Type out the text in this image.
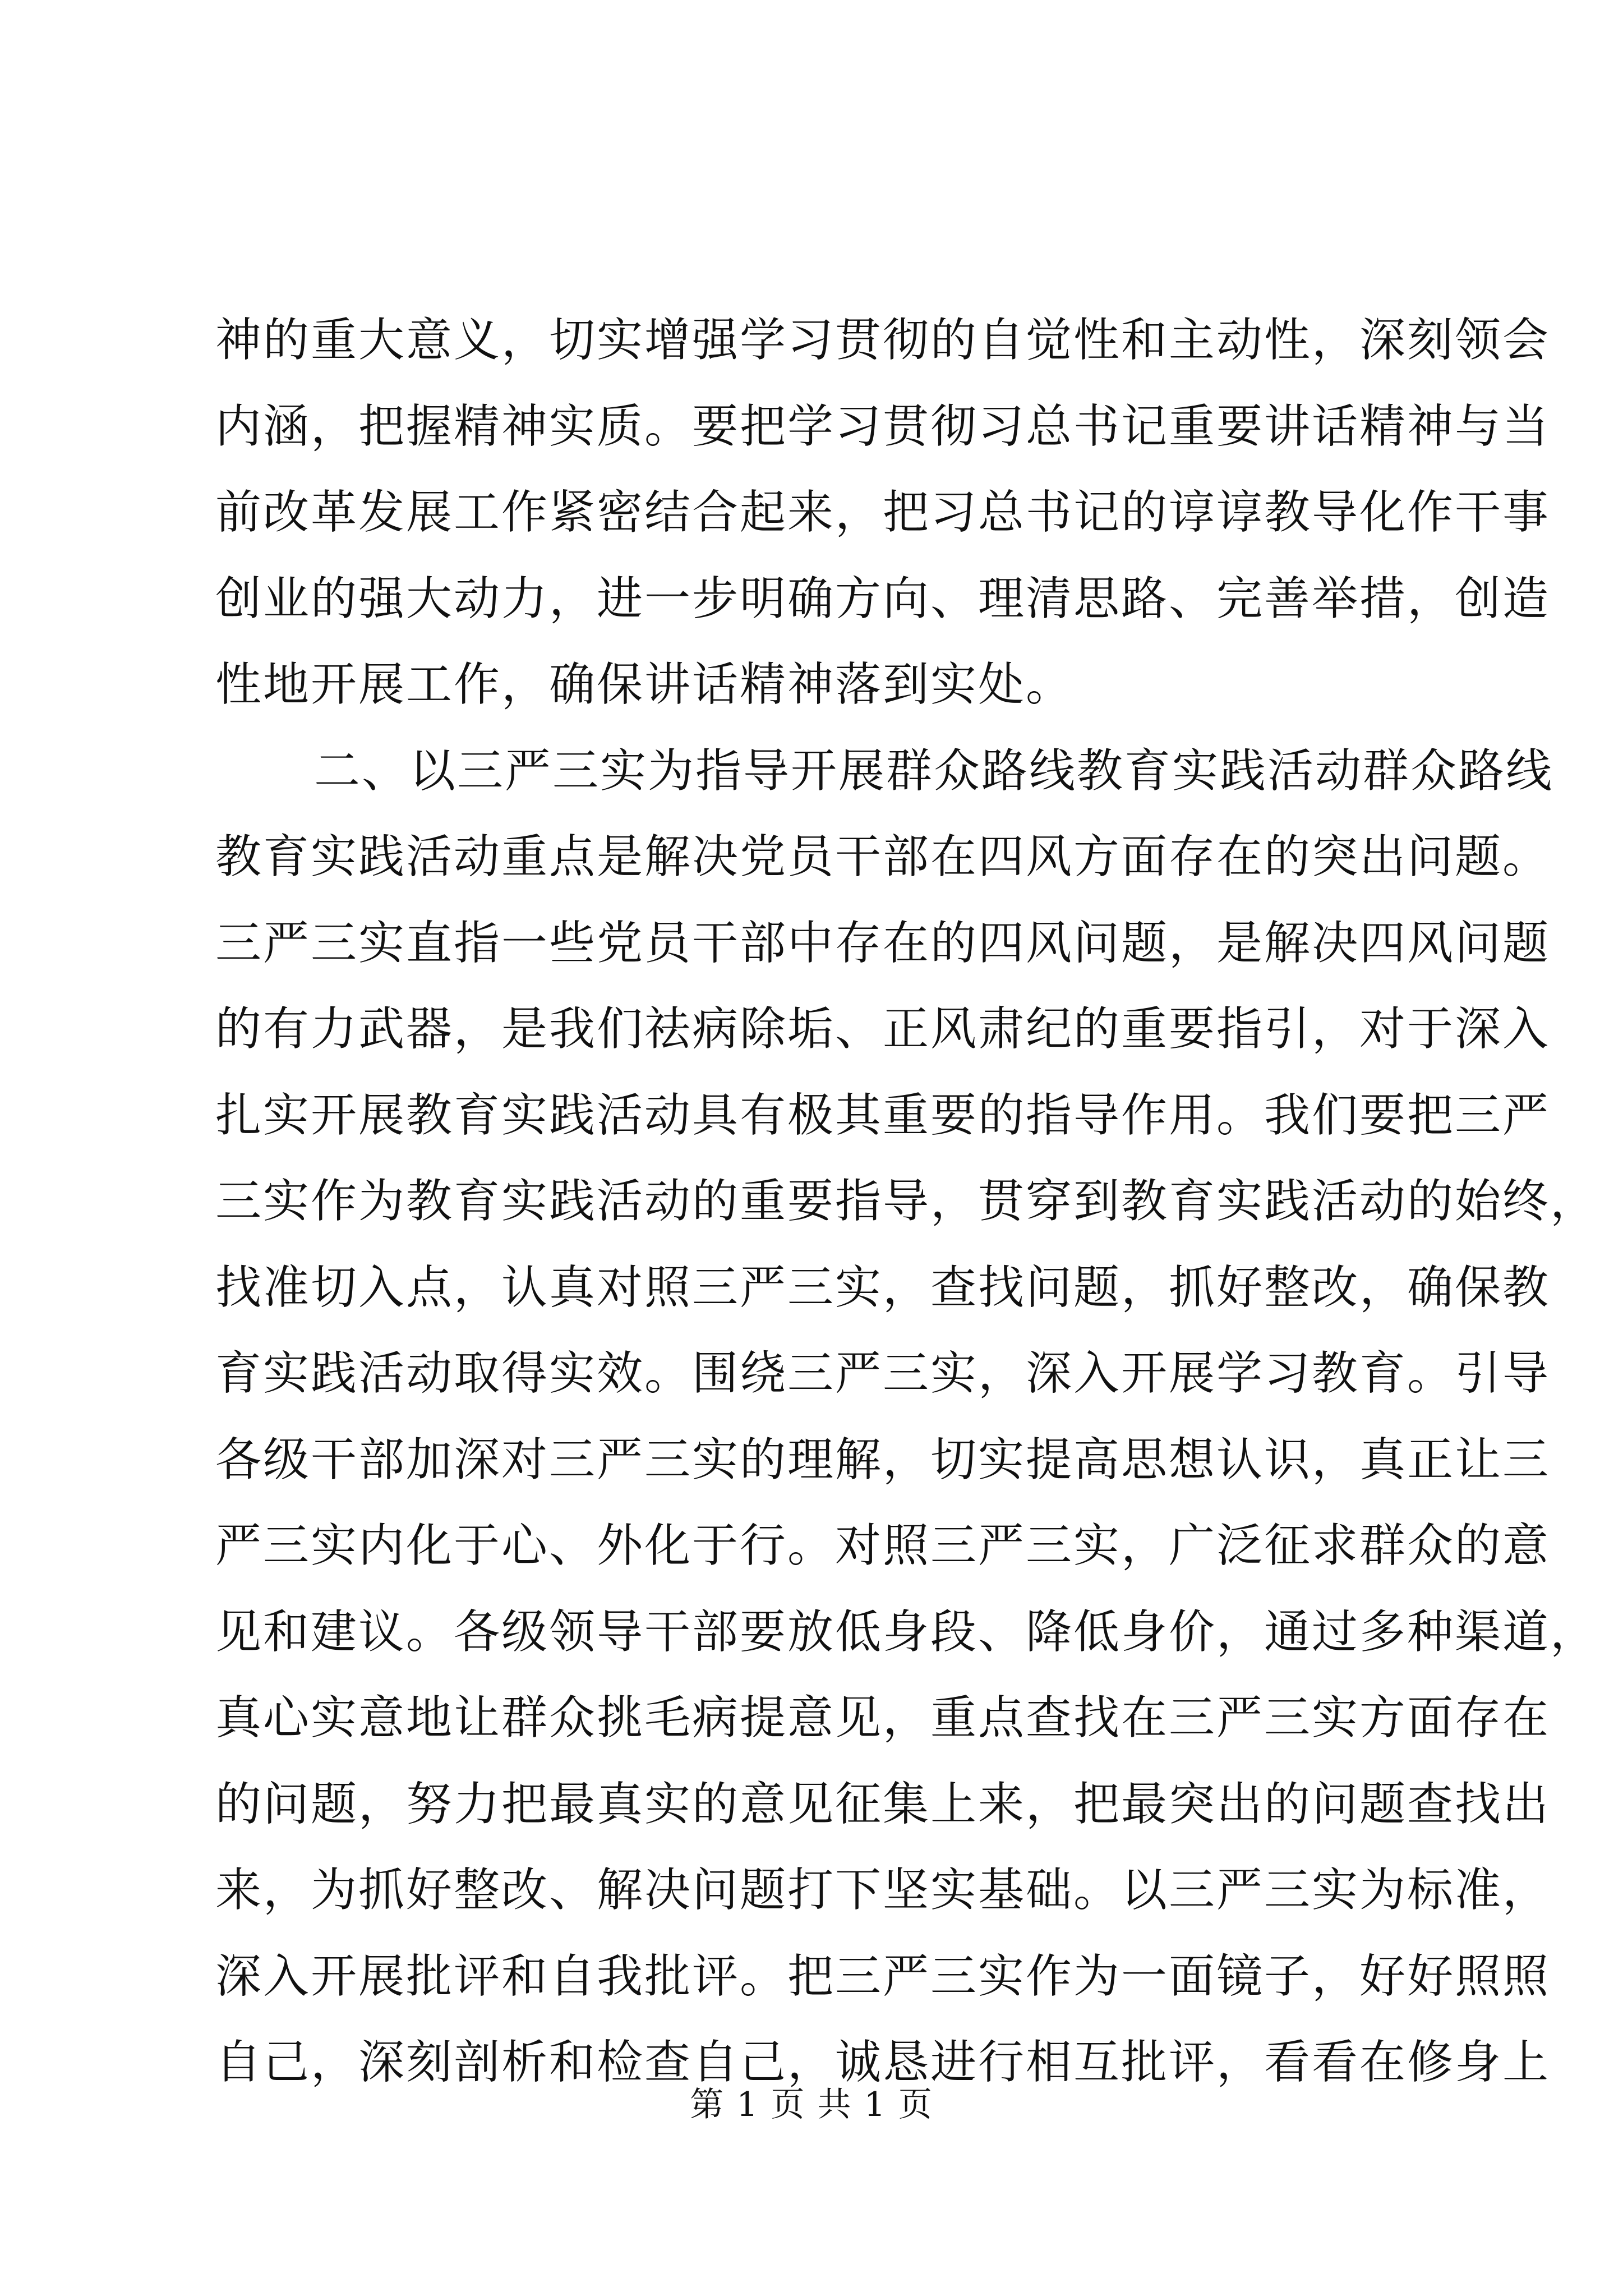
神的重大意义，切实增强学习贯彻的自觉性和主动性，深刻领会
内涵，把握精神实质。要把学习贯彻习总书记重要讲话精神与当
前改革发展工作紧密结合起来，把习总书记的谆谆教导化作干事
创业的强大动力，进一步明确方向、理清思路、完善举措，创造
性地开展工作，确保讲话精神落到实处。
二、以三严三实为指导开展群众路线教育实践活动群众路线
教育实践活动重点是解决党员干部在四风方面存在的突出问题。
三严三实直指一些党员干部中存在的四风问题，是解决四风问题
的有力武器，是我们祛病除垢、正风肃纪的重要指引，对于深入
扎实开展教育实践活动具有极其重要的指导作用。我们要把三严
三实作为教育实践活动的重要指导，贯穿到教育实践活动的始终，
找准切入点，认真对照三严三实，查找问题，抓好整改，确保教
育实践活动取得实效。围绕三严三实，深入开展学习教育。引导
各级干部加深对三严三实的理解，切实提高思想认识，真正让三
严三实内化于心、外化于行。对照三严三实，广泛征求群众的意
见和建议。各级领导干部要放低身段、降低身价，通过多种渠道，
真心实意地让群众挑毛病提意见，重点查找在三严三实方面存在
的问题，努力把最真实的意见征集上来，把最突出的问题查找出
来，为抓好整改、解决问题打下坚实基础。以三严三实为标准，
深入开展批评和自我批评。把三严三实作为一面镜子，好好照照
自己，深刻剖析和检查自己，诚恳进行相互批评，看看在修身上
第 1 页 共 1 页
